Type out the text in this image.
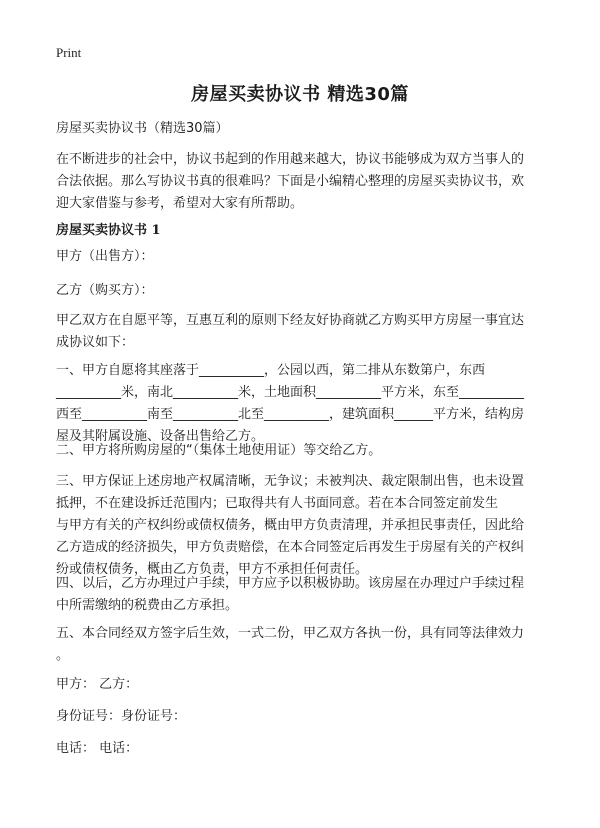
Print
房屋买卖协议书 精选30篇

房屋买卖协议书（精选30篇）

在不断进步的社会中，协议书起到的作用越来越大，协议书能够成为双方当事人的
合法依据。那么写协议书真的很难吗？下面是小编精心整理的房屋买卖协议书，欢
迎大家借鉴与参考，希望对大家有所帮助。

房屋买卖协议书 1

甲方（出售方）：

乙方（购买方）：

甲乙双方在自愿平等，互惠互利的原则下经友好协商就乙方购买甲方房屋一事宜达
成协议如下：

一、甲方自愿将其座落于__________，公园以西，第二排从东数第户，东西
__________米，南北__________米，土地面积__________平方米，东至__________
西至__________南至__________北至__________，建筑面积______平方米，结构房
屋及其附属设施、设备出售给乙方。

二、甲方将所购房屋的“（集体土地使用证）等交给乙方。

三、甲方保证上述房地产权属清晰，无争议；未被判决、裁定限制出售，也未设置
抵押，不在建设拆迁范围内；已取得共有人书面同意。若在本合同签定前发生
与甲方有关的产权纠纷或债权债务，概由甲方负责清理，并承担民事责任，因此给
乙方造成的经济损失，甲方负责赔偿，在本合同签定后再发生于房屋有关的产权纠
纷或债权债务，概由乙方负责，甲方不承担任何责任。

四、以后，乙方办理过户手续，甲方应予以积极协助。该房屋在办理过户手续过程
中所需缴纳的税费由乙方承担。

五、本合同经双方签字后生效，一式二份，甲乙双方各执一份，具有同等法律效力
。

甲方： 乙方：

身份证号：身份证号：

电话： 电话：
